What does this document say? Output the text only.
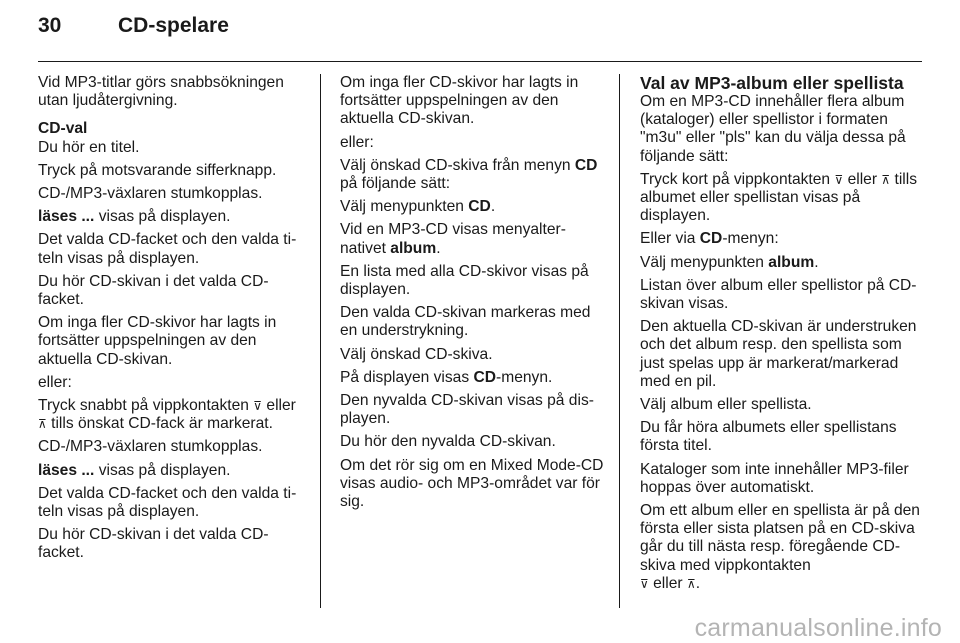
30	CD-spelare

Vid MP3-titlar görs snabbsökningen utan ljudåtergivning.

CD-val

Du hör en titel.

Tryck på motsvarande sifferknapp.

CD-/MP3-växlaren stumkopplas.

läses ... visas på displayen.

Det valda CD-facket och den valda titeln visas på displayen.

Du hör CD-skivan i det valda CD-facket.

Om inga fler CD-skivor har lagts in fortsätter uppspelningen av den aktuella CD-skivan.

eller:

Tryck snabbt på vippkontakten ⊽ eller ⊼ tills önskat CD-fack är markerat.

CD-/MP3-växlaren stumkopplas.

läses ... visas på displayen.

Det valda CD-facket och den valda titeln visas på displayen.

Du hör CD-skivan i det valda CD-facket.

Om inga fler CD-skivor har lagts in fortsätter uppspelningen av den aktuella CD-skivan.

eller:

Välj önskad CD-skiva från menyn CD på följande sätt:

Välj menypunkten CD.

Vid en MP3-CD visas menyalternativet album.

En lista med alla CD-skivor visas på displayen.

Den valda CD-skivan markeras med en understrykning.

Välj önskad CD-skiva.

På displayen visas CD-menyn.

Den nyvalda CD-skivan visas på displayen.

Du hör den nyvalda CD-skivan.

Om det rör sig om en Mixed Mode-CD visas audio- och MP3-området var för sig.

Val av MP3-album eller spellista

Om en MP3-CD innehåller flera album (kataloger) eller spellistor i formaten "m3u" eller "pls" kan du välja dessa på följande sätt:

Tryck kort på vippkontakten ⊽ eller ⊼ tills albumet eller spellistan visas på displayen.

Eller via CD-menyn:

Välj menypunkten album.

Listan över album eller spellistor på CD-skivan visas.

Den aktuella CD-skivan är understruken och det album resp. den spellista som just spelas upp är markerat/markerad med en pil.

Välj album eller spellista.

Du får höra albumets eller spellistans första titel.

Kataloger som inte innehåller MP3-filer hoppas över automatiskt.

Om ett album eller en spellista är på den första eller sista platsen på en CD-skiva går du till nästa resp. föregående CD-skiva med vippkontakten
⊽ eller ⊼.

carmanualsonline.info
